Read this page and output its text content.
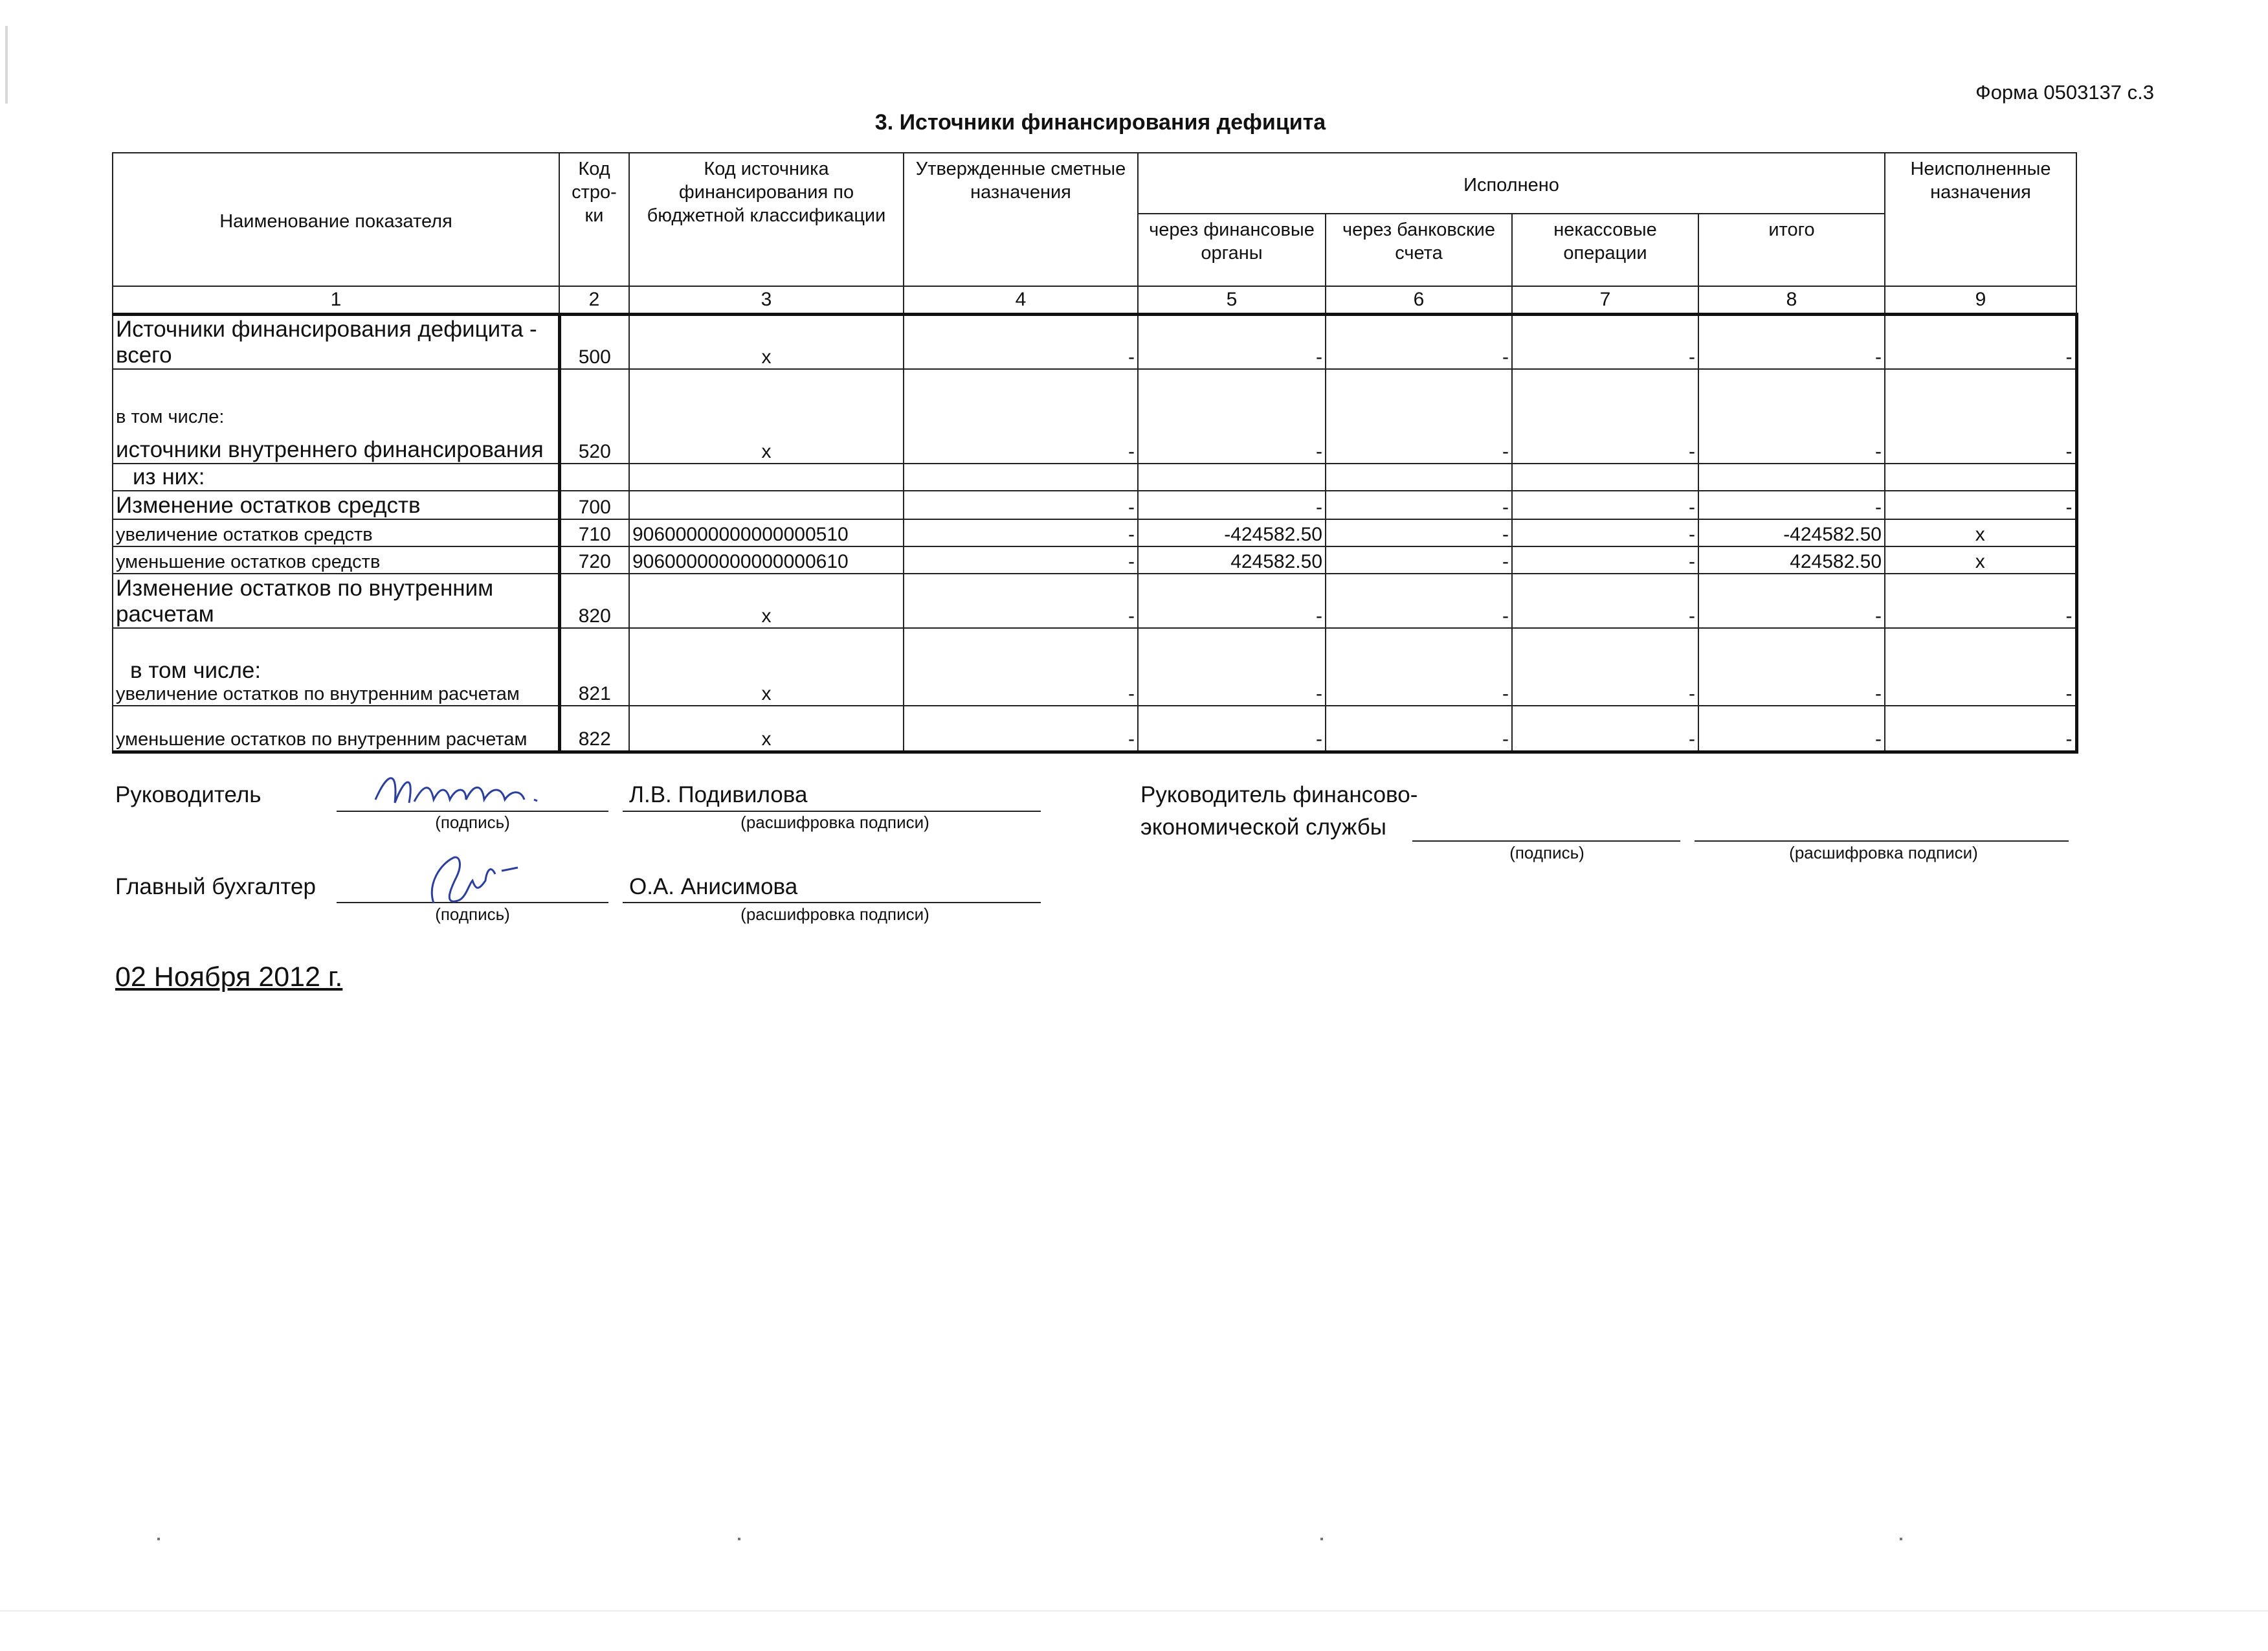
Форма 0503137 с.3
3. Источники финансирования дефицита
Наименование показателя	Код стро- ки	Код источника финансирования по бюджетной классификации	Утвержденные сметные назначения	Исполнено				Неисполненные назначения
				через финансовые органы	через банковские счета	некассовые операции	итого	
1	2	3	4	5	6	7	8	9
Источники финансирования дефицита - всего	500	x	-	-	-	-	-	-

в том числе:
источники внутреннего финансирования	520	x	-	-	-	-	-	-
из них:								
Изменение остатков средств	700		-	-	-	-	-	-
увеличение остатков средств	710	90600000000000000510	-	-424582.50	-	-	-424582.50	x
уменьшение остатков средств	720	90600000000000000610	-	424582.50	-	-	424582.50	x
Изменение остатков по внутренним расчетам	820	x	-	-	-	-	-	-

в том числе:
увеличение остатков по внутренним расчетам	821	x	-	-	-	-	-	-
уменьшение остатков по внутренним расчетам	822	x	-	-	-	-	-	-
Руководитель
(подпись)
Л.В. Подивилова
(расшифровка подписи)
Главный бухгалтер
(подпись)
О.А. Анисимова
(расшифровка подписи)
Руководитель финансово-
экономической службы
(подпись)	(расшифровка подписи)
02 Ноября 2012 г.
